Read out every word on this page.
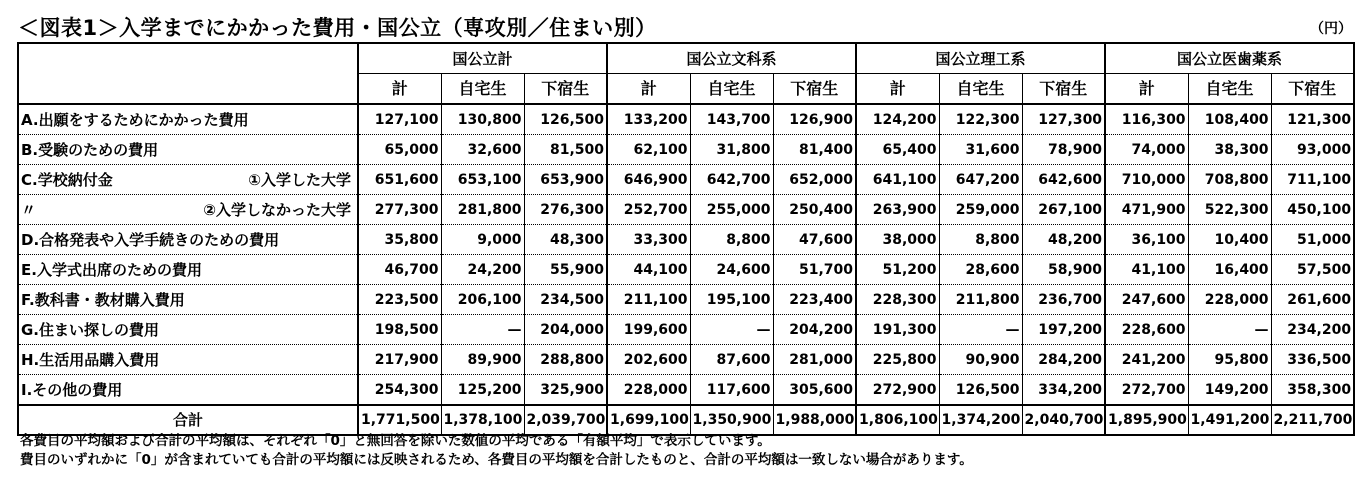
＜図表1＞入学までにかかった費用・国公立（専攻別／住まい別）	（円）
	国公立計			国公立文科系			国公立理工系			国公立医歯薬系		
	計	自宅生	下宿生	計	自宅生	下宿生	計	自宅生	下宿生	計	自宅生	下宿生
A.出願をするためにかかった費用	127,100	130,800	126,500	133,200	143,700	126,900	124,200	122,300	127,300	116,300	108,400	121,300
B.受験のための費用	65,000	32,600	81,500	62,100	31,800	81,400	65,400	31,600	78,900	74,000	38,300	93,000
C.学校納付金 ①入学した大学	651,600	653,100	653,900	646,900	642,700	652,000	641,100	647,200	642,600	710,000	708,800	711,100
〃 ②入学しなかった大学	277,300	281,800	276,300	252,700	255,000	250,400	263,900	259,000	267,100	471,900	522,300	450,100
D.合格発表や入学手続きのための費用	35,800	9,000	48,300	33,300	8,800	47,600	38,000	8,800	48,200	36,100	10,400	51,000
E.入学式出席のための費用	46,700	24,200	55,900	44,100	24,600	51,700	51,200	28,600	58,900	41,100	16,400	57,500
F.教科書・教材購入費用	223,500	206,100	234,500	211,100	195,100	223,400	228,300	211,800	236,700	247,600	228,000	261,600
G.住まい探しの費用	198,500	—	204,000	199,600	—	204,200	191,300	—	197,200	228,600	—	234,200
H.生活用品購入費用	217,900	89,900	288,800	202,600	87,600	281,000	225,800	90,900	284,200	241,200	95,800	336,500
I.その他の費用	254,300	125,200	325,900	228,000	117,600	305,600	272,900	126,500	334,200	272,700	149,200	358,300
合計	1,771,500	1,378,100	2,039,700	1,699,100	1,350,900	1,988,000	1,806,100	1,374,200	2,040,700	1,895,900	1,491,200	2,211,700
各費目の平均額および合計の平均額は、それぞれ「0」と無回答を除いた数値の平均である「有額平均」で表示しています。
費目のいずれかに「0」が含まれていても合計の平均額には反映されるため、各費目の平均額を合計したものと、合計の平均額は一致しない場合があります。
